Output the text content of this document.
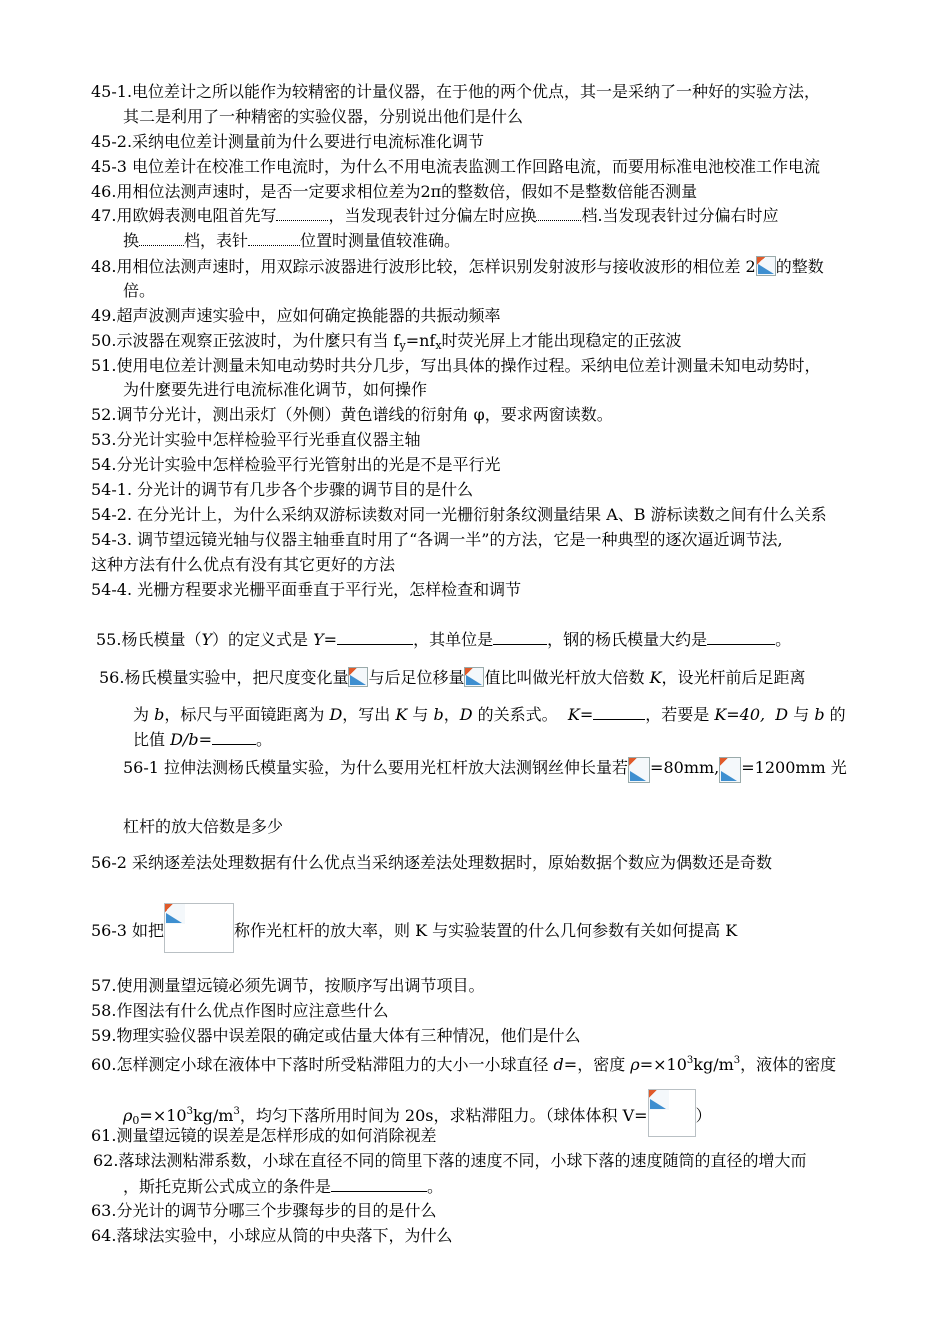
45-1.电位差计之所以能作为较精密的计量仪器，在于他的两个优点，其一是采纳了一种好的实验方法，
其二是利用了一种精密的实验仪器，分别说出他们是什么
45-2.采纳电位差计测量前为什么要进行电流标准化调节
45-3 电位差计在校准工作电流时，为什么不用电流表监测工作回路电流，而要用标准电池校准工作电流
46.用相位法测声速时，是否一定要求相位差为2π的整数倍，假如不是整数倍能否测量
47.用欧姆表测电阻首先写	，当发现表针过分偏左时应换	档.当发现表针过分偏右时应
换	档，表针	位置时测量值较准确。
48.用相位法测声速时，用双踪示波器进行波形比较，怎样识别发射波形与接收波形的相位差 2 的整数
倍。
49.超声波测声速实验中，应如何确定换能器的共振动频率
50.示波器在观察正弦波时，为什麼只有当 $f_y=nf_x$时荧光屏上才能出现稳定的正弦波
51.使用电位差计测量未知电动势时共分几步，写出具体的操作过程。采纳电位差计测量未知电动势时，
为什麼要先进行电流标准化调节，如何操作
52.调节分光计，测出汞灯（外侧）黄色谱线的衍射角 φ，要求两窗读数。
53.分光计实验中怎样检验平行光垂直仪器主轴
54.分光计实验中怎样检验平行光管射出的光是不是平行光
54-1. 分光计的调节有几步各个步骤的调节目的是什么
54-2. 在分光计上，为什么采纳双游标读数对同一光栅衍射条纹测量结果 A、B 游标读数之间有什么关系
54-3. 调节望远镜光轴与仪器主轴垂直时用了“各调一半”的方法，它是一种典型的逐次逼近调节法,
这种方法有什么优点有没有其它更好的方法
54-4. 光栅方程要求光栅平面垂直于平行光，怎样检查和调节
55.杨氏模量（Y）的定义式是 Y=	，其单位是	，钢的杨氏模量大约是	。
56.杨氏模量实验中，把尺度变化量 与后足位移量 值比叫做光杆放大倍数 K，设光杆前后足距离
为 b，标尺与平面镜距离为 D，写出 K 与 b，D 的关系式。 K=	，若要是 K=40, D 与 b 的
比值 D/b=	。
56-1 拉伸法测杨氏模量实验，为什么要用光杠杆放大法测钢丝伸长量若 =80mm, =1200mm 光
杠杆的放大倍数是多少
56-2 采纳逐差法处理数据有什么优点当采纳逐差法处理数据时，原始数据个数应为偶数还是奇数
56-3 如把	称作光杠杆的放大率，则 K 与实验装置的什么几何参数有关如何提高 K
57.使用测量望远镜必须先调节，按顺序写出调节项目。
58.作图法有什么优点作图时应注意些什么
59.物理实验仪器中误差限的确定或估量大体有三种情况，他们是什么
60.怎样测定小球在液体中下落时所受粘滞阻力的大小一小球直径 d=，密度 $\rho=\times 10^3kg/m^3$，液体的密度
$\rho_0=\times 10^3kg/m^3$，均匀下落所用时间为 20s，求粘滞阻力。（球体体积 V=	）
61.测量望远镜的误差是怎样形成的如何消除视差
62.落球法测粘滞系数，小球在直径不同的筒里下落的速度不同，小球下落的速度随筒的直径的增大而
，斯托克斯公式成立的条件是	。
63.分光计的调节分哪三个步骤每步的目的是什么
64.落球法实验中，小球应从筒的中央落下，为什么
